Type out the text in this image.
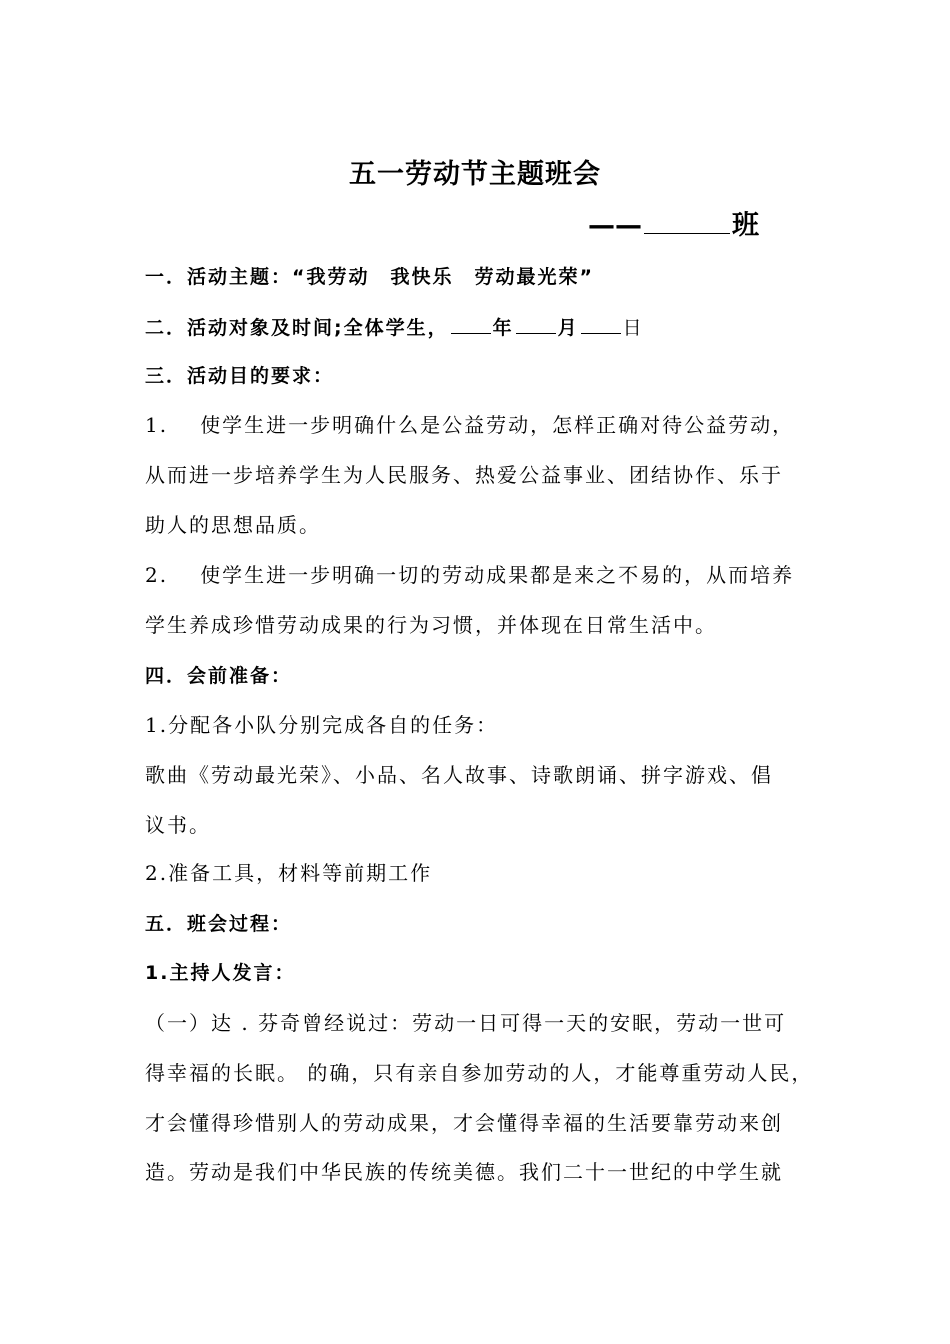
五一劳动节主题班会
——	班
一．活动主题：“我劳动　我快乐　劳动最光荣”
二．活动对象及时间;全体学生， 年 月 日
三．活动目的要求：
1. 使学生进一步明确什么是公益劳动，怎样正确对待公益劳动，
从而进一步培养学生为人民服务、热爱公益事业、团结协作、乐于
助人的思想品质。
2. 使学生进一步明确一切的劳动成果都是来之不易的，从而培养
学生养成珍惜劳动成果的行为习惯，并体现在日常生活中。
四．会前准备：
1.分配各小队分别完成各自的任务：
歌曲《劳动最光荣》、小品、名人故事、诗歌朗诵、拼字游戏、倡
议书。
2.准备工具，材料等前期工作
五．班会过程：
1.主持人发言：
（一）达 . 芬奇曾经说过：劳动一日可得一天的安眠，劳动一世可
得幸福的长眠。 的确，只有亲自参加劳动的人，才能尊重劳动人民，
才会懂得珍惜别人的劳动成果，才会懂得幸福的生活要靠劳动来创
造。劳动是我们中华民族的传统美德。我们二十一世纪的中学生就
